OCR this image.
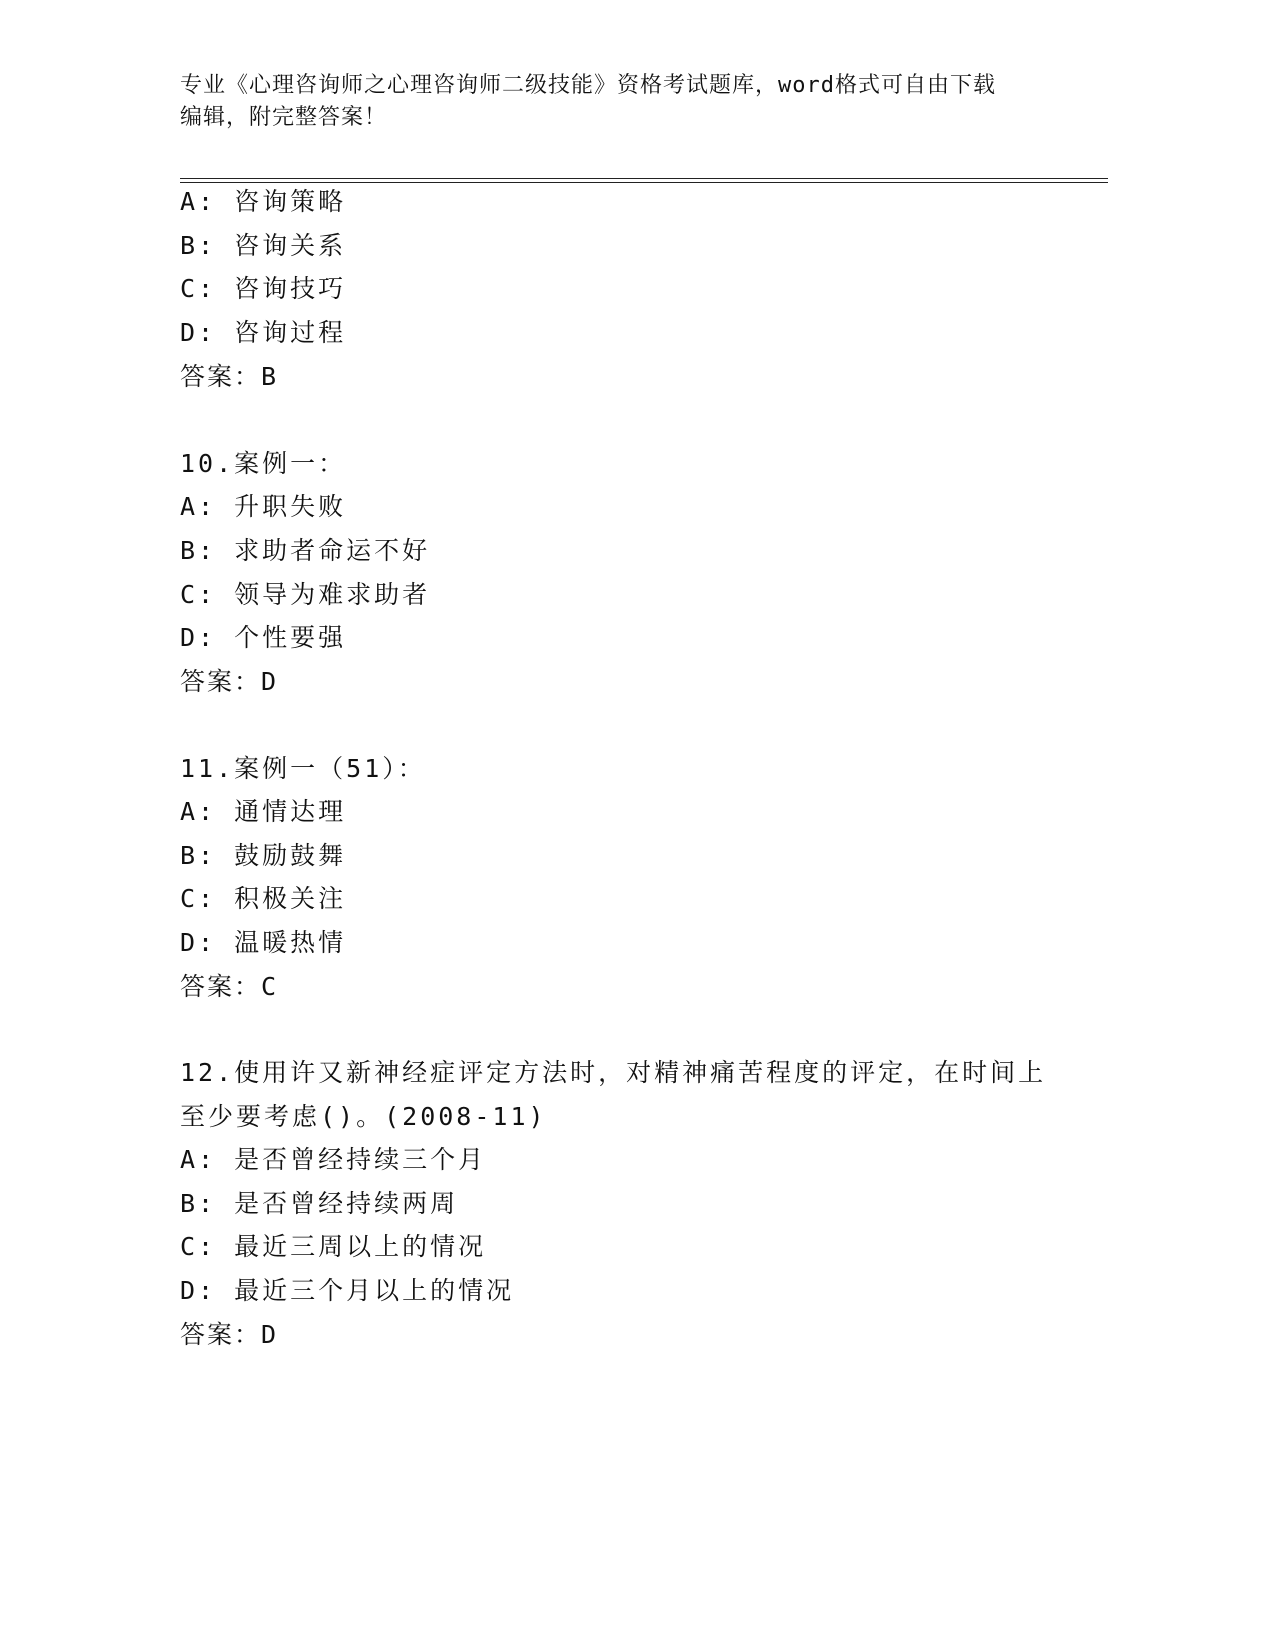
专业《心理咨询师之心理咨询师二级技能》资格考试题库，word格式可自由下载
编辑，附完整答案！
A: 咨询策略
B: 咨询关系
C: 咨询技巧
D: 咨询过程
答案：B
10.案例一：
A: 升职失败
B: 求助者命运不好
C: 领导为难求助者
D: 个性要强
答案：D
11.案例一（51）：
A: 通情达理
B: 鼓励鼓舞
C: 积极关注
D: 温暖热情
答案：C
12.使用许又新神经症评定方法时，对精神痛苦程度的评定，在时间上
至少要考虑()。(2008-11)
A: 是否曾经持续三个月
B: 是否曾经持续两周
C: 最近三周以上的情况
D: 最近三个月以上的情况
答案：D
